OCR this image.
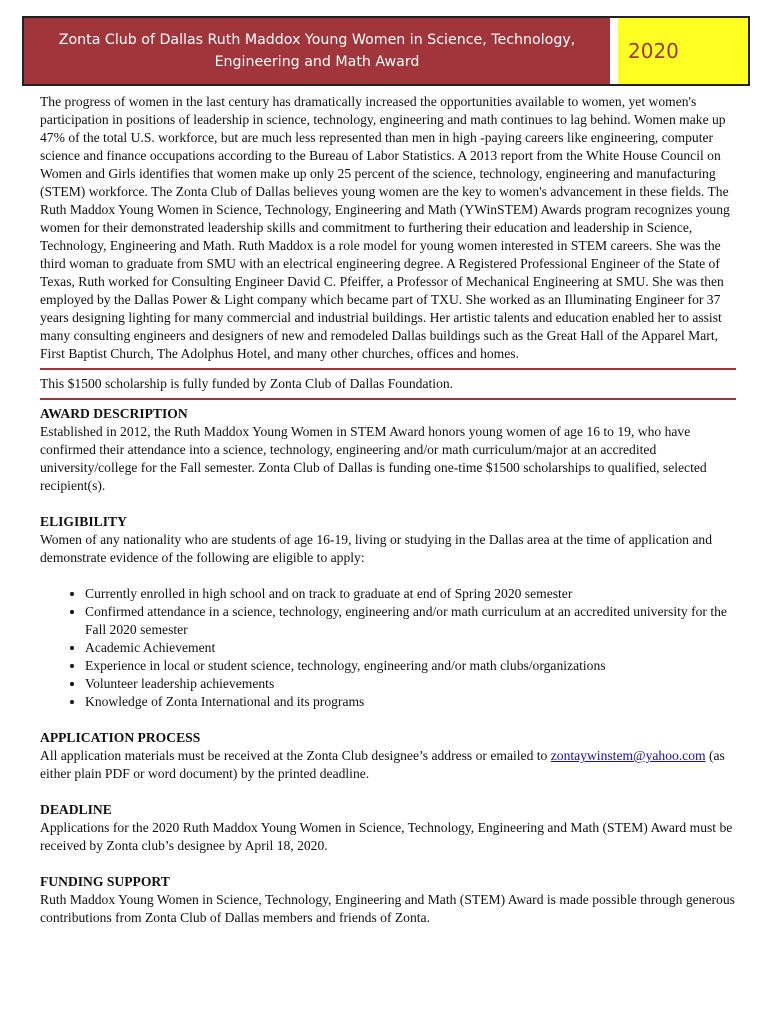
Zonta Club of Dallas Ruth Maddox Young Women in Science, Technology, Engineering and Math Award	2020

The progress of women in the last century has dramatically increased the opportunities available to women, yet women's participation in positions of leadership in science, technology, engineering and math continues to lag behind. Women make up 47% of the total U.S. workforce, but are much less represented than men in high -paying careers like engineering, computer science and finance occupations according to the Bureau of Labor Statistics. A 2013 report from the White House Council on Women and Girls identifies that women make up only 25 percent of the science, technology, engineering and manufacturing (STEM) workforce. The Zonta Club of Dallas believes young women are the key to women's advancement in these fields. The Ruth Maddox Young Women in Science, Technology, Engineering and Math (YWinSTEM) Awards program recognizes young women for their demonstrated leadership skills and commitment to furthering their education and leadership in Science, Technology, Engineering and Math. Ruth Maddox is a role model for young women interested in STEM careers. She was the third woman to graduate from SMU with an electrical engineering degree. A Registered Professional Engineer of the State of Texas, Ruth worked for Consulting Engineer David C. Pfeiffer, a Professor of Mechanical Engineering at SMU. She was then employed by the Dallas Power & Light company which became part of TXU. She worked as an Illuminating Engineer for 37 years designing lighting for many commercial and industrial buildings. Her artistic talents and education enabled her to assist many consulting engineers and designers of new and remodeled Dallas buildings such as the Great Hall of the Apparel Mart, First Baptist Church, The Adolphus Hotel, and many other churches, offices and homes.

This $1500 scholarship is fully funded by Zonta Club of Dallas Foundation.

AWARD DESCRIPTION

Established in 2012, the Ruth Maddox Young Women in STEM Award honors young women of age 16 to 19, who have confirmed their attendance into a science, technology, engineering and/or math curriculum/major at an accredited university/college for the Fall semester. Zonta Club of Dallas is funding one-time $1500 scholarships to qualified, selected recipient(s).

ELIGIBILITY

Women of any nationality who are students of age 16-19, living or studying in the Dallas area at the time of application and demonstrate evidence of the following are eligible to apply:

• Currently enrolled in high school and on track to graduate at end of Spring 2020 semester
• Confirmed attendance in a science, technology, engineering and/or math curriculum at an accredited university for the Fall 2020 semester
• Academic Achievement
• Experience in local or student science, technology, engineering and/or math clubs/organizations
• Volunteer leadership achievements
• Knowledge of Zonta International and its programs

APPLICATION PROCESS

All application materials must be received at the Zonta Club designee’s address or emailed to zontaywinstem@yahoo.com (as either plain PDF or word document) by the printed deadline.

DEADLINE

Applications for the 2020 Ruth Maddox Young Women in Science, Technology, Engineering and Math (STEM) Award must be received by Zonta club’s designee by April 18, 2020.

FUNDING SUPPORT

Ruth Maddox Young Women in Science, Technology, Engineering and Math (STEM) Award is made possible through generous contributions from Zonta Club of Dallas members and friends of Zonta.
